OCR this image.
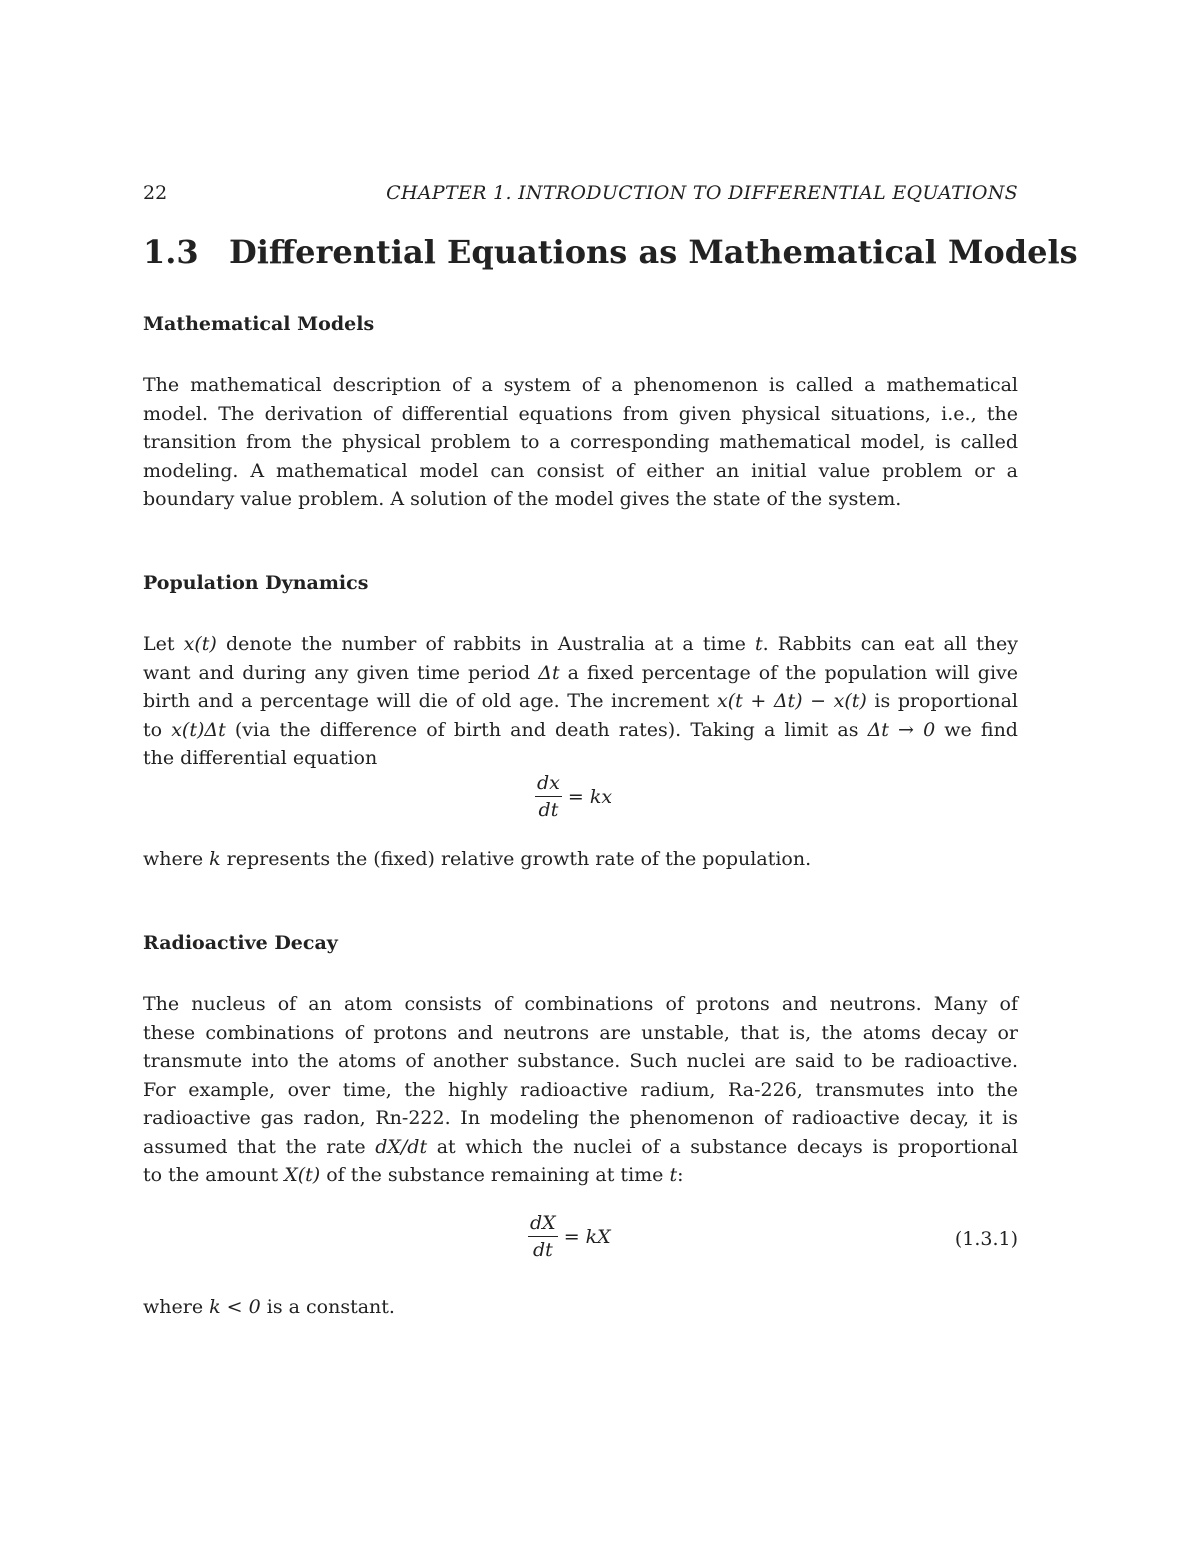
22	CHAPTER 1. INTRODUCTION TO DIFFERENTIAL EQUATIONS
1.3 Differential Equations as Mathematical Models
Mathematical Models
The mathematical description of a system of a phenomenon is called a mathematical
model. The derivation of differential equations from given physical situations, i.e., the
transition from the physical problem to a corresponding mathematical model, is called
modeling. A mathematical model can consist of either an initial value problem or a
boundary value problem. A solution of the model gives the state of the system.
Population Dynamics
Let x(t) denote the number of rabbits in Australia at a time t. Rabbits can eat all they
want and during any given time period Δt a fixed percentage of the population will give
birth and a percentage will die of old age. The increment x(t + Δt) − x(t) is proportional
to x(t)Δt (via the difference of birth and death rates). Taking a limit as Δt → 0 we find
the differential equation
$\frac{dx}{dt}$ = kx
where k represents the (fixed) relative growth rate of the population.
Radioactive Decay
The nucleus of an atom consists of combinations of protons and neutrons. Many of
these combinations of protons and neutrons are unstable, that is, the atoms decay or
transmute into the atoms of another substance. Such nuclei are said to be radioactive.
For example, over time, the highly radioactive radium, Ra-226, transmutes into the
radioactive gas radon, Rn-222. In modeling the phenomenon of radioactive decay, it is
assumed that the rate dX/dt at which the nuclei of a substance decays is proportional
to the amount X(t) of the substance remaining at time t:
$\frac{dX}{dt}$ = kX	(1.3.1)
where k < 0 is a constant.
